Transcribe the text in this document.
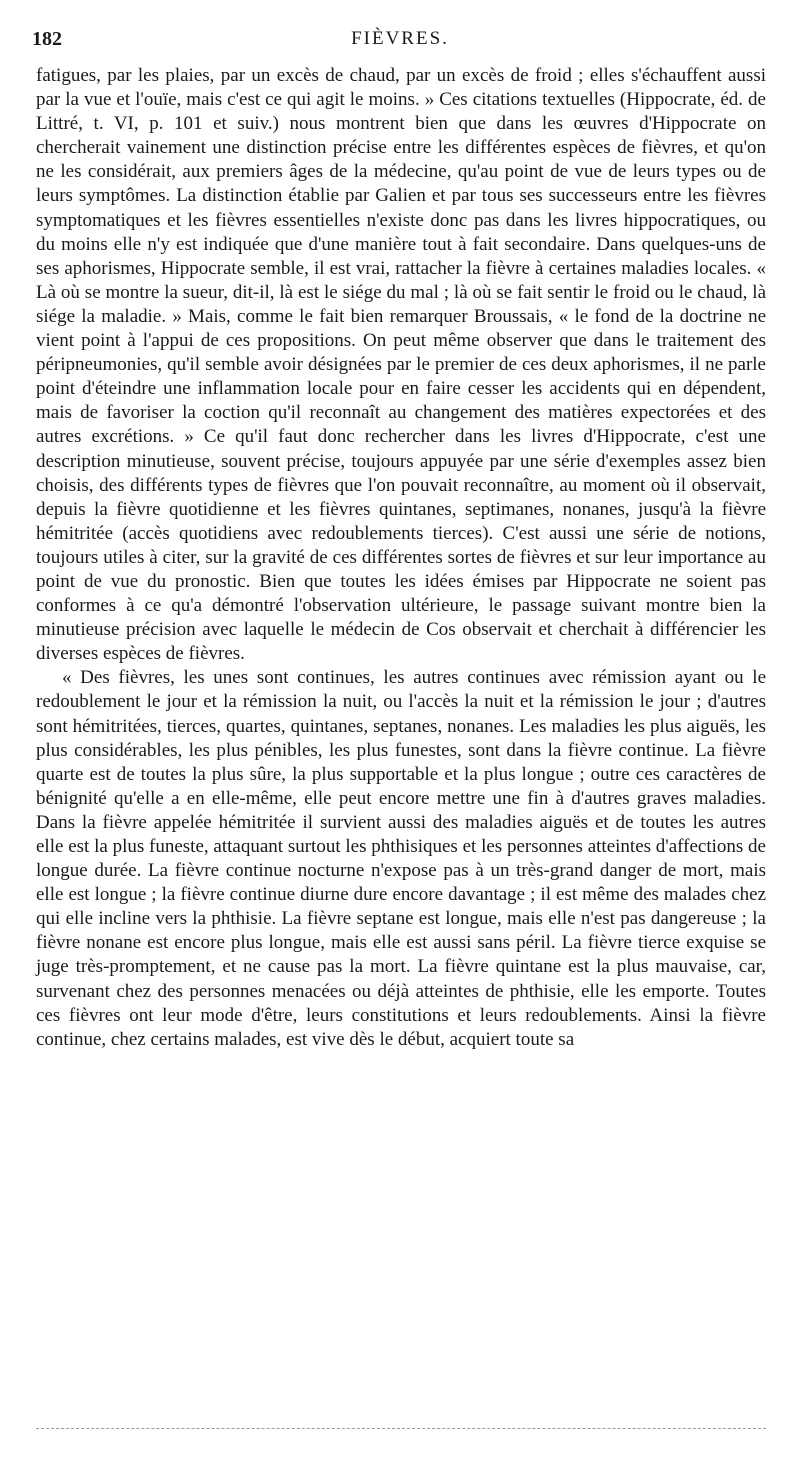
182	FIÈVRES.

fatigues, par les plaies, par un excès de chaud, par un excès de froid ; elles s'échauffent aussi par la vue et l'ouïe, mais c'est ce qui agit le moins. » Ces citations textuelles (Hippocrate, éd. de Littré, t. VI, p. 101 et suiv.) nous montrent bien que dans les œuvres d'Hippocrate on chercherait vainement une distinction précise entre les différentes espèces de fièvres, et qu'on ne les considérait, aux premiers âges de la médecine, qu'au point de vue de leurs types ou de leurs symptômes. La distinction établie par Galien et par tous ses successeurs entre les fièvres symptomatiques et les fièvres essentielles n'existe donc pas dans les livres hippocratiques, ou du moins elle n'y est indiquée que d'une manière tout à fait secondaire. Dans quelques-uns de ses aphorismes, Hippocrate semble, il est vrai, rattacher la fièvre à certaines maladies locales. « Là où se montre la sueur, dit-il, là est le siége du mal ; là où se fait sentir le froid ou le chaud, là siége la maladie. » Mais, comme le fait bien remarquer Broussais, « le fond de la doctrine ne vient point à l'appui de ces propositions. On peut même observer que dans le traitement des péripneumonies, qu'il semble avoir désignées par le premier de ces deux aphorismes, il ne parle point d'éteindre une inflammation locale pour en faire cesser les accidents qui en dépendent, mais de favoriser la coction qu'il reconnaît au changement des matières expectorées et des autres excrétions. » Ce qu'il faut donc rechercher dans les livres d'Hippocrate, c'est une description minutieuse, souvent précise, toujours appuyée par une série d'exemples assez bien choisis, des différents types de fièvres que l'on pouvait reconnaître, au moment où il observait, depuis la fièvre quotidienne et les fièvres quintanes, septimanes, nonanes, jusqu'à la fièvre hémitritée (accès quotidiens avec redoublements tierces). C'est aussi une série de notions, toujours utiles à citer, sur la gravité de ces différentes sortes de fièvres et sur leur importance au point de vue du pronostic. Bien que toutes les idées émises par Hippocrate ne soient pas conformes à ce qu'a démontré l'observation ultérieure, le passage suivant montre bien la minutieuse précision avec laquelle le médecin de Cos observait et cherchait à différencier les diverses espèces de fièvres.

« Des fièvres, les unes sont continues, les autres continues avec rémission ayant ou le redoublement le jour et la rémission la nuit, ou l'accès la nuit et la rémission le jour ; d'autres sont hémitritées, tierces, quartes, quintanes, septanes, nonanes. Les maladies les plus aiguës, les plus considérables, les plus pénibles, les plus funestes, sont dans la fièvre continue. La fièvre quarte est de toutes la plus sûre, la plus supportable et la plus longue ; outre ces caractères de bénignité qu'elle a en elle-même, elle peut encore mettre une fin à d'autres graves maladies. Dans la fièvre appelée hémitritée il survient aussi des maladies aiguës et de toutes les autres elle est la plus funeste, attaquant surtout les phthisiques et les personnes atteintes d'affections de longue durée. La fièvre continue nocturne n'expose pas à un très-grand danger de mort, mais elle est longue ; la fièvre continue diurne dure encore davantage ; il est même des malades chez qui elle incline vers la phthisie. La fièvre septane est longue, mais elle n'est pas dangereuse ; la fièvre nonane est encore plus longue, mais elle est aussi sans péril. La fièvre tierce exquise se juge très-promptement, et ne cause pas la mort. La fièvre quintane est la plus mauvaise, car, survenant chez des personnes menacées ou déjà atteintes de phthisie, elle les emporte. Toutes ces fièvres ont leur mode d'être, leurs constitutions et leurs redoublements. Ainsi la fièvre continue, chez certains malades, est vive dès le début, acquiert toute sa
